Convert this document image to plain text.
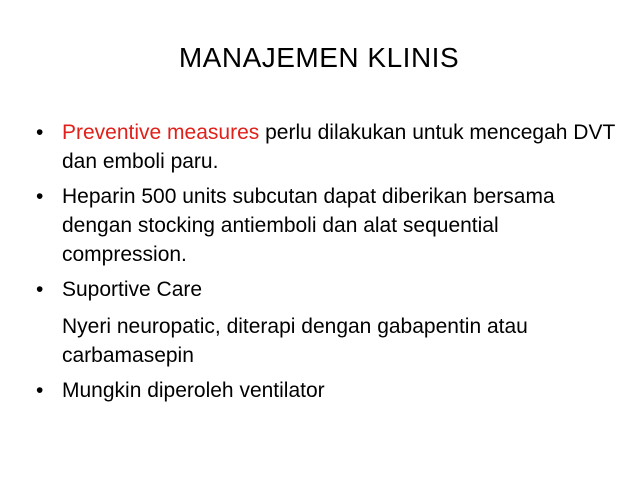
MANAJEMEN KLINIS
• Preventive measures perlu dilakukan untuk mencegah DVT dan emboli paru.
• Heparin 500 units subcutan dapat diberikan bersama dengan stocking antiemboli dan alat sequential compression.
• Suportive Care
Nyeri neuropatic, diterapi dengan gabapentin atau carbamasepin
• Mungkin diperoleh ventilator
